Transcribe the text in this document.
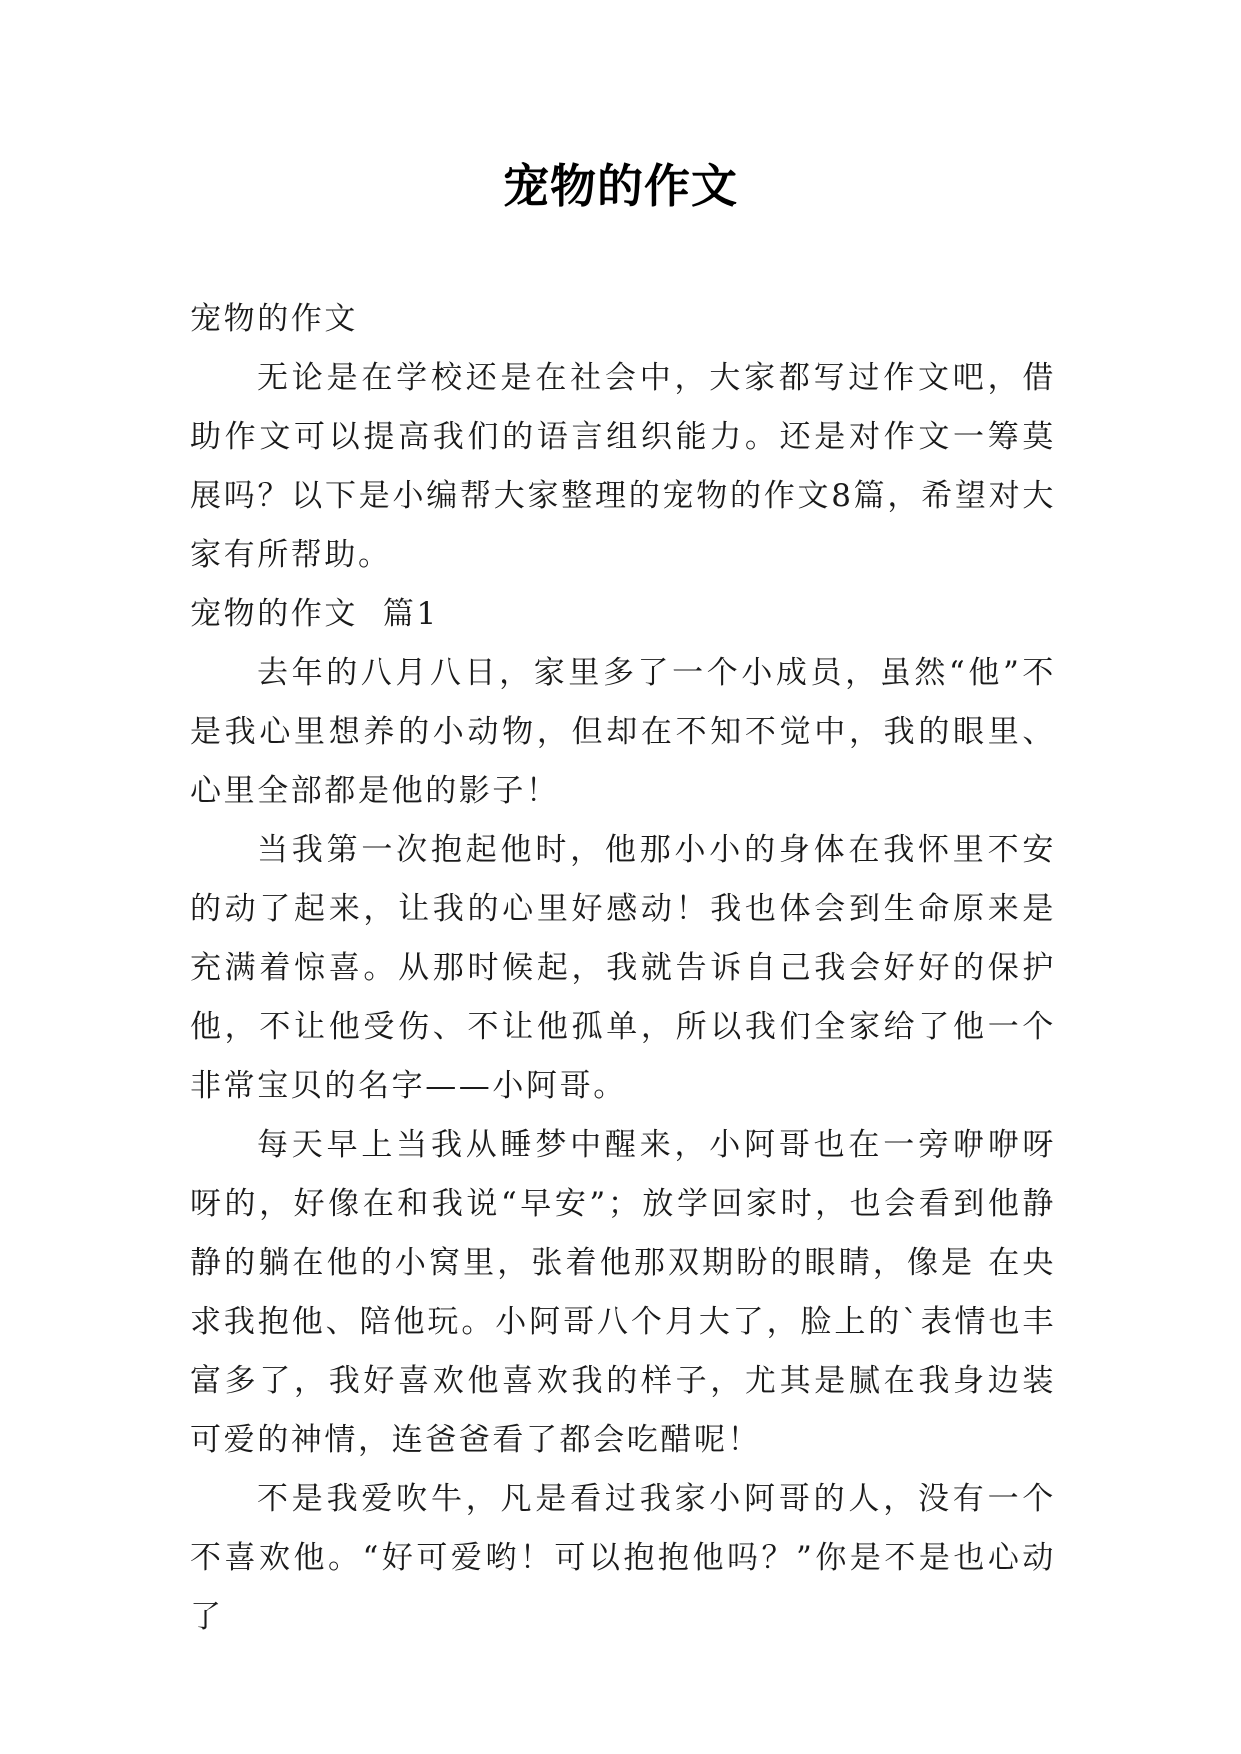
宠物的作文

宠物的作文

无论是在学校还是在社会中，大家都写过作文吧，借助作文可以提高我们的语言组织能力。还是对作文一筹莫展吗？以下是小编帮大家整理的宠物的作文8篇，希望对大家有所帮助。

宠物的作文  篇1

去年的八月八日，家里多了一个小成员，虽然“他”不是我心里想养的小动物，但却在不知不觉中，我的眼里、心里全部都是他的影子！

当我第一次抱起他时，他那小小的身体在我怀里不安的动了起来，让我的心里好感动！我也体会到生命原来是充满着惊喜。从那时候起，我就告诉自己我会好好的保护他，不让他受伤、不让他孤单，所以我们全家给了他一个非常宝贝的名字——小阿哥。

每天早上当我从睡梦中醒来，小阿哥也在一旁咿咿呀呀的，好像在和我说“早安”；放学回家时，也会看到他静静的躺在他的小窝里，张着他那双期盼的眼睛，像是 在央求我抱他、陪他玩。小阿哥八个月大了，脸上的`表情也丰富多了，我好喜欢他喜欢我的样子，尤其是腻在我身边装可爱的神情，连爸爸看了都会吃醋呢！

不是我爱吹牛，凡是看过我家小阿哥的人，没有一个不喜欢他。“好可爱哟！可以抱抱他吗？”你是不是也心动了
